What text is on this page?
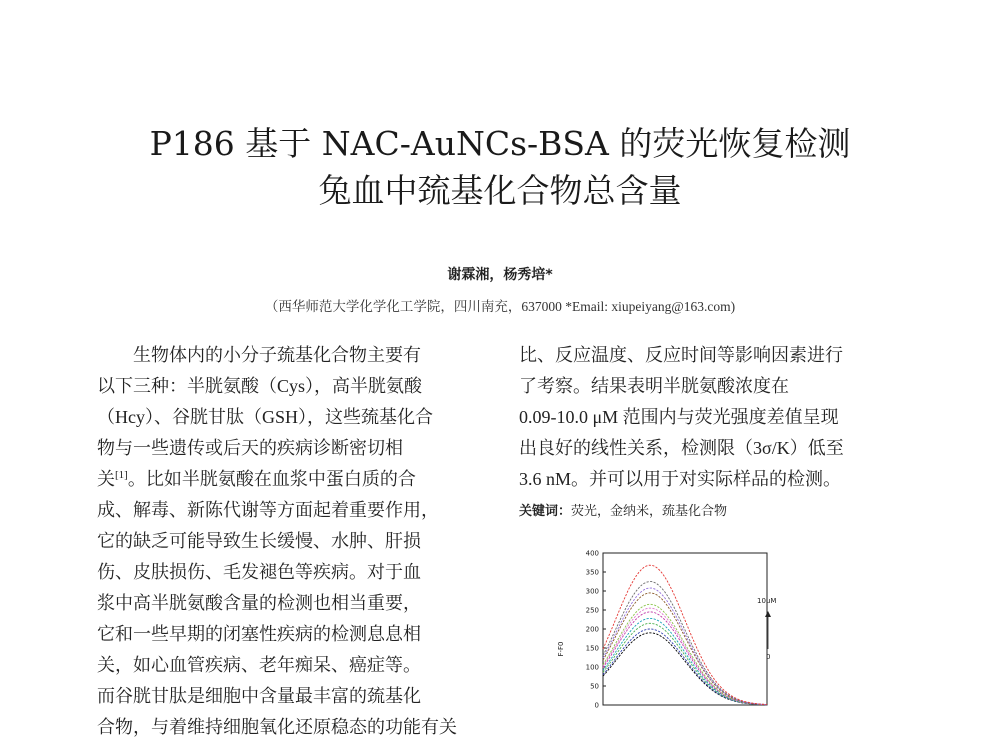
P186 基于 NAC-AuNCs-BSA 的荧光恢复检测
兔血中巯基化合物总含量
谢霖湘，杨秀培*
（西华师范大学化学化工学院，四川南充，637000 *Email: xiupeiyang@163.com)
生物体内的小分子巯基化合物主要有
以下三种：半胱氨酸（Cys），高半胱氨酸
（Hcy）、谷胱甘肽（GSH），这些巯基化合
物与一些遗传或后天的疾病诊断密切相
关[1]。比如半胱氨酸在血浆中蛋白质的合
成、解毒、新陈代谢等方面起着重要作用，
它的缺乏可能导致生长缓慢、水肿、肝损
伤、皮肤损伤、毛发褪色等疾病。对于血
浆中高半胱氨酸含量的检测也相当重要，
它和一些早期的闭塞性疾病的检测息息相
关，如心血管疾病、老年痴呆、癌症等。
而谷胱甘肽是细胞中含量最丰富的巯基化
合物，与着维持细胞氧化还原稳态的功能有关
比、反应温度、反应时间等影响因素进行
了考察。结果表明半胱氨酸浓度在
0.09-10.0 μM 范围内与荧光强度差值呈现
出良好的线性关系，检测限（3σ/K）低至
3.6 nM。并可以用于对实际样品的检测。
关键词：荧光，金纳米，巯基化合物
0
50
100
150
200
250
300
350
400
F-F0
10uM
0
